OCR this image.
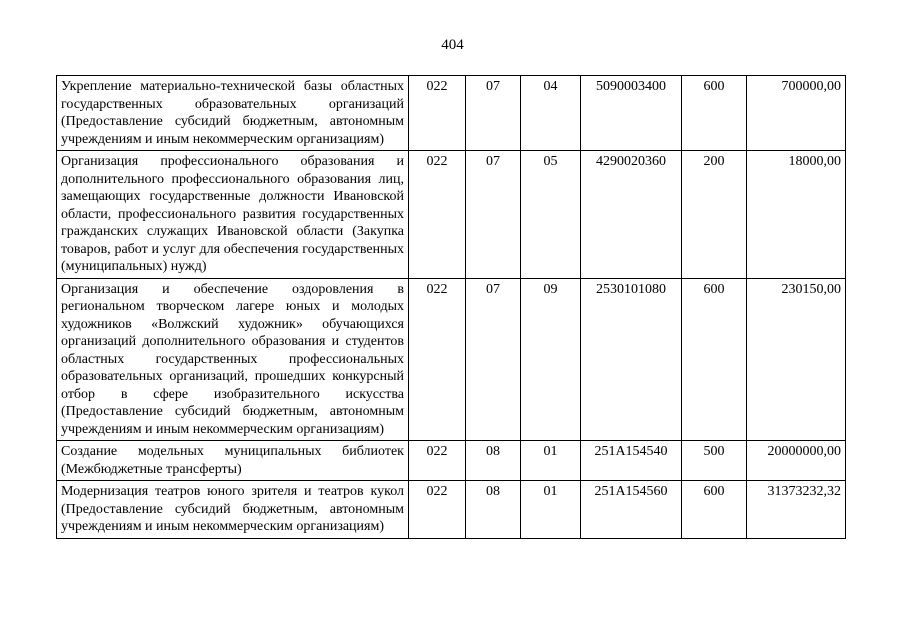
404
Укрепление материально-технической базы областных государственных образовательных организаций (Предоставление субсидий бюджетным, автономным учреждениям и иным некоммерческим организациям)	022	07	04	5090003400	600	700000,00
Организация профессионального образования и дополнительного профессионального образования лиц, замещающих государственные должности Ивановской области, профессионального развития государственных гражданских служащих Ивановской области (Закупка товаров, работ и услуг для обеспечения государственных (муниципальных) нужд)	022	07	05	4290020360	200	18000,00
Организация и обеспечение оздоровления в региональном творческом лагере юных и молодых художников «Волжский художник» обучающихся организаций дополнительного образования и студентов областных государственных профессиональных образовательных организаций, прошедших конкурсный отбор в сфере изобразительного искусства (Предоставление субсидий бюджетным, автономным учреждениям и иным некоммерческим организациям)	022	07	09	2530101080	600	230150,00
Создание модельных муниципальных библиотек (Межбюджетные трансферты)	022	08	01	251A154540	500	20000000,00
Модернизация театров юного зрителя и театров кукол (Предоставление субсидий бюджетным, автономным учреждениям и иным некоммерческим организациям)	022	08	01	251A154560	600	31373232,32
